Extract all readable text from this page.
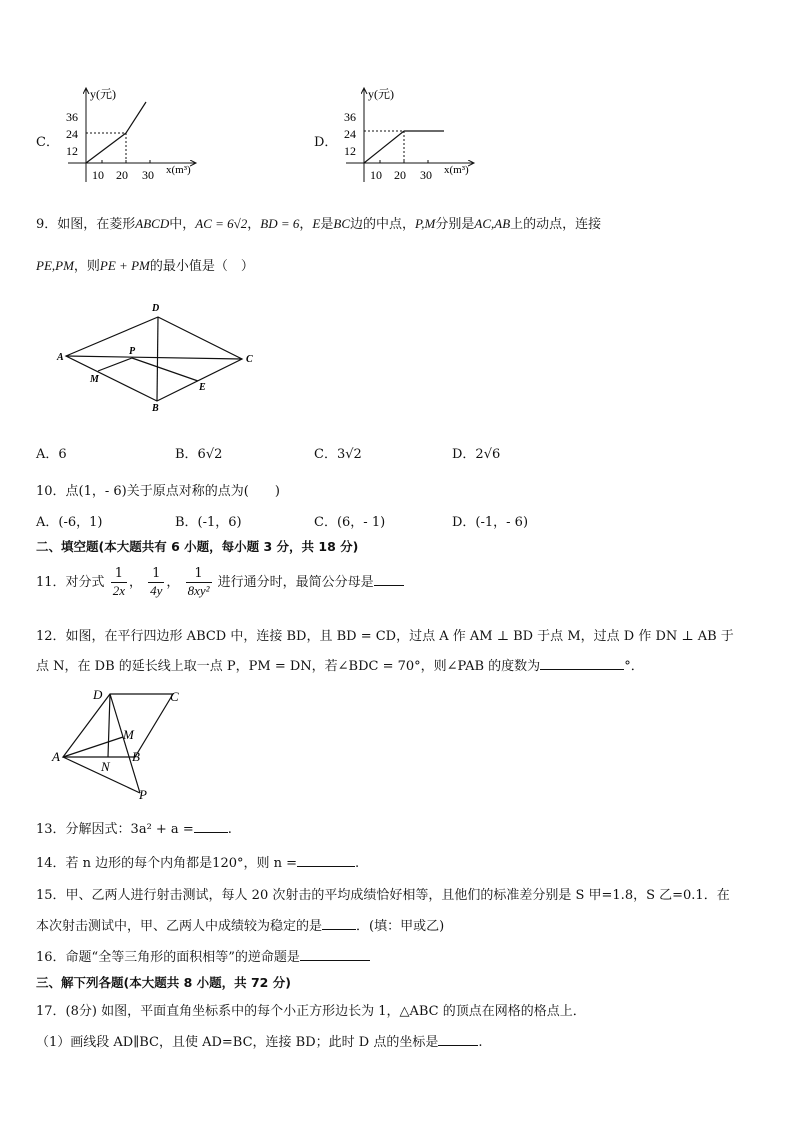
C．
y(元)
x(m³)
36
24
12
10 20 30
D．
y(元)
x(m³)
36
24
12
10 20 30
9．如图，在菱形ABCD中，AC = 6√2，BD = 6，E是BC边的中点，P,M分别是AC,AB上的动点，连接
PE,PM，则PE + PM的最小值是（　）
D
A
P
C
M
E
B
A．6	B．6√2	C．3√2	D．2√6
10．点(1，- 6)关于原点对称的点为(　　)
A．(-6，1)	B．(-1，6)	C．(6，- 1)	D．(-1，- 6)
二、填空题(本大题共有 6 小题，每小题 3 分，共 18 分)
11．对分式 $\frac{1}{2x}$ ， $\frac{1}{4y}$ ， $\frac{1}{\text{8xy²}}$ 进行通分时，最简公分母是
12．如图，在平行四边形 ABCD 中，连接 BD，且 BD = CD，过点 A 作 AM ⊥ BD 于点 M，过点 D 作 DN ⊥ AB 于
点 N，在 DB 的延长线上取一点 P，PM = DN，若∠BDC = 70°，则∠PAB 的度数为	°．
D	C
M
A	B
N
P
13．分解因式：3a² + a =	.
14．若 n 边形的每个内角都是120°，则 n =	.
15．甲、乙两人进行射击测试，每人 20 次射击的平均成绩恰好相等，且他们的标准差分别是 S 甲=1.8，S 乙=0.1．在
本次射击测试中，甲、乙两人中成绩较为稳定的是	．(填：甲或乙)
16．命题“全等三角形的面积相等”的逆命题是
三、解下列各题(本大题共 8 小题，共 72 分)
17．(8分) 如图，平面直角坐标系中的每个小正方形边长为 1，△ABC 的顶点在网格的格点上．
（1）画线段 AD∥BC，且使 AD=BC，连接 BD；此时 D 点的坐标是	.
